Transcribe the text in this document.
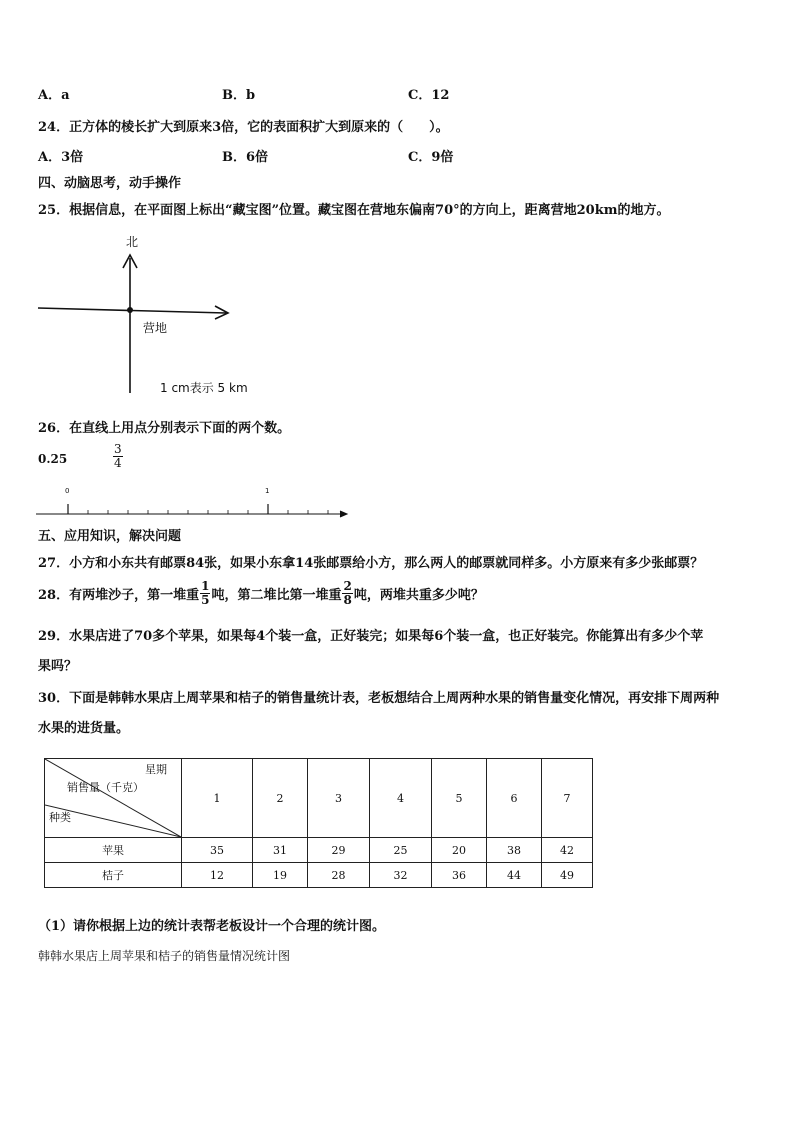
A．a	B．b	C．12
24．正方体的棱长扩大到原来3倍，它的表面积扩大到原来的（　　）。
A．3倍	B．6倍	C．9倍
四、动脑思考，动手操作
25．根据信息，在平面图上标出“藏宝图”位置。藏宝图在营地东偏南70°的方向上，距离营地20km的地方。
北
营地
1 cm表示 5 km
26．在直线上用点分别表示下面的两个数。
0.25	$\frac{3}{4}$
0	1
五、应用知识，解决问题
27．小方和小东共有邮票84张，如果小东拿14张邮票给小方，那么两人的邮票就同样多。小方原来有多少张邮票？
28．有两堆沙子，第一堆重 $\frac{1}{5}$ 吨，第二堆比第一堆重 $\frac{2}{8}$ 吨，两堆共重多少吨？
29．水果店进了70多个苹果，如果每4个装一盒，正好装完；如果每6个装一盒，也正好装完。你能算出有多少个苹
果吗？
30．下面是韩韩水果店上周苹果和桔子的销售量统计表，老板想结合上周两种水果的销售量变化情况，再安排下周两种
水果的进货量。
星期
销售量（千克）
种类	1	2	3	4	5	6	7
苹果	35	31	29	25	20	38	42
桔子	12	19	28	32	36	44	49
（1）请你根据上边的统计表帮老板设计一个合理的统计图。
韩韩水果店上周苹果和桔子的销售量情况统计图
